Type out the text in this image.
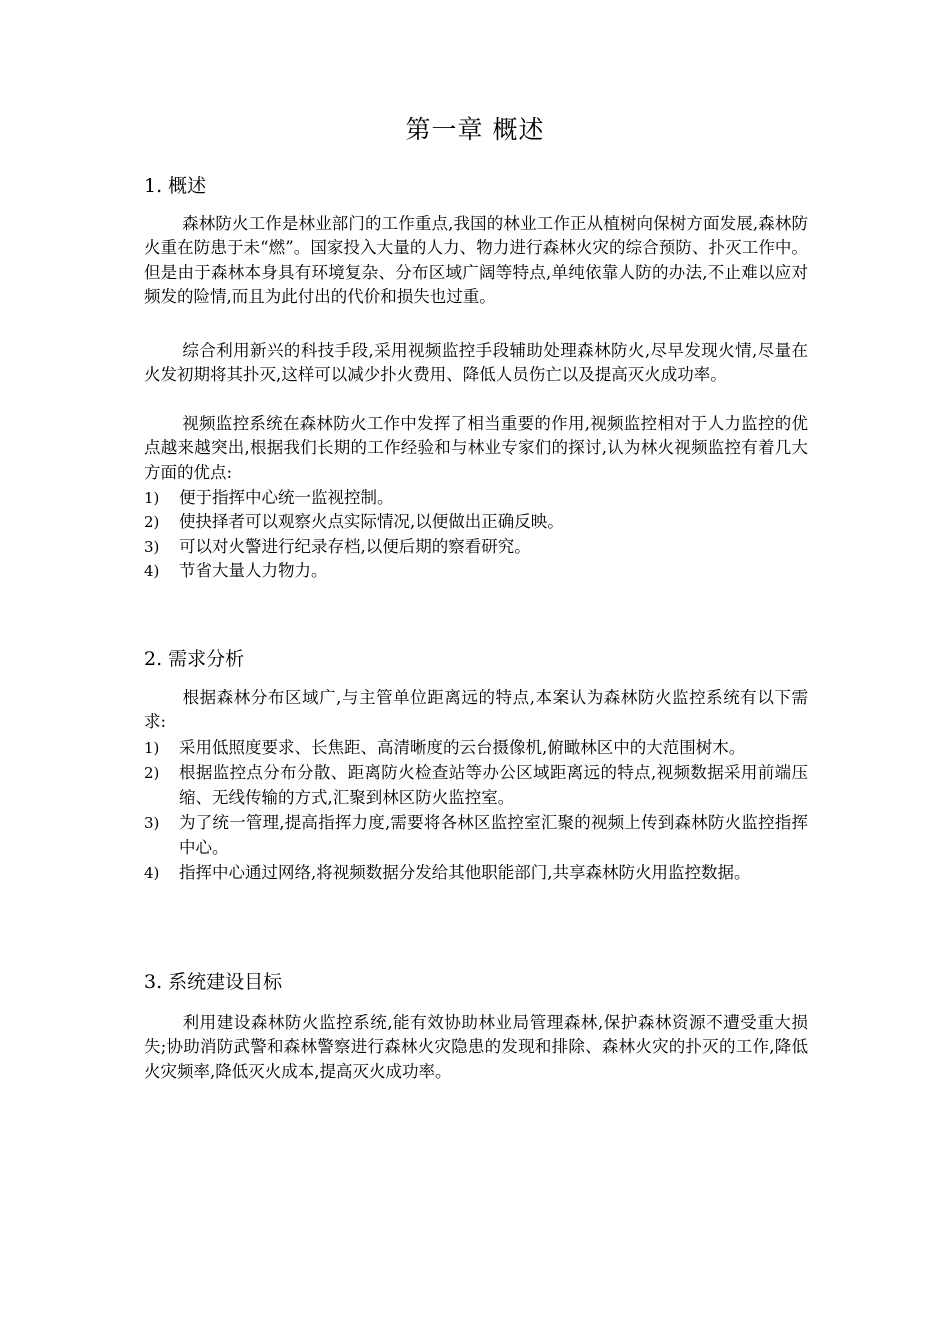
第一章 概述
1. 概述
森林防火工作是林业部门的工作重点,我国的林业工作正从植树向保树方面发展,森林防火重在防患于未“燃”。国家投入大量的人力、物力进行森林火灾的综合预防、扑灭工作中。但是由于森林本身具有环境复杂、分布区域广阔等特点,单纯依靠人防的办法,不止难以应对频发的险情,而且为此付出的代价和损失也过重。
综合利用新兴的科技手段,采用视频监控手段辅助处理森林防火,尽早发现火情,尽量在火发初期将其扑灭,这样可以减少扑火费用、降低人员伤亡以及提高灭火成功率。
视频监控系统在森林防火工作中发挥了相当重要的作用,视频监控相对于人力监控的优点越来越突出,根据我们长期的工作经验和与林业专家们的探讨,认为林火视频监控有着几大方面的优点:
1) 便于指挥中心统一监视控制。
2) 使抉择者可以观察火点实际情况,以便做出正确反映。
3) 可以对火警进行纪录存档,以便后期的察看研究。
4) 节省大量人力物力。
2. 需求分析
根据森林分布区域广,与主管单位距离远的特点,本案认为森林防火监控系统有以下需求:
1) 采用低照度要求、长焦距、高清晰度的云台摄像机,俯瞰林区中的大范围树木。
2) 根据监控点分布分散、距离防火检查站等办公区域距离远的特点,视频数据采用前端压缩、无线传输的方式,汇聚到林区防火监控室。
3) 为了统一管理,提高指挥力度,需要将各林区监控室汇聚的视频上传到森林防火监控指挥中心。
4) 指挥中心通过网络,将视频数据分发给其他职能部门,共享森林防火用监控数据。
3. 系统建设目标
利用建设森林防火监控系统,能有效协助林业局管理森林,保护森林资源不遭受重大损失;协助消防武警和森林警察进行森林火灾隐患的发现和排除、森林火灾的扑灭的工作,降低火灾频率,降低灭火成本,提高灭火成功率。
